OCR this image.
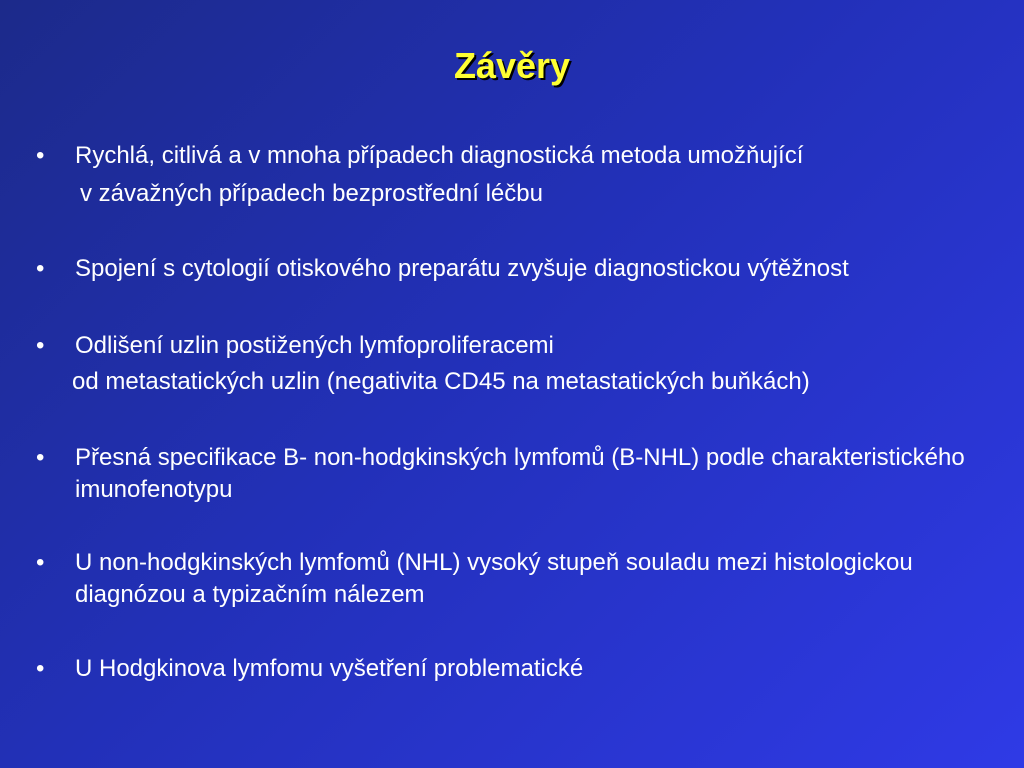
Závěry
• Rychlá, citlivá a v mnoha případech diagnostická metoda umožňující
v závažných případech bezprostřední léčbu
• Spojení s cytologií otiskového preparátu zvyšuje diagnostickou výtěžnost
• Odlišení uzlin postižených lymfoproliferacemi
od metastatických uzlin (negativita CD45 na metastatických buňkách)
• Přesná specifikace B- non-hodgkinských lymfomů (B-NHL) podle charakteristického imunofenotypu
• U non-hodgkinských lymfomů (NHL) vysoký stupeň souladu mezi histologickou diagnózou a typizačním nálezem
• U Hodgkinova lymfomu vyšetření problematické
